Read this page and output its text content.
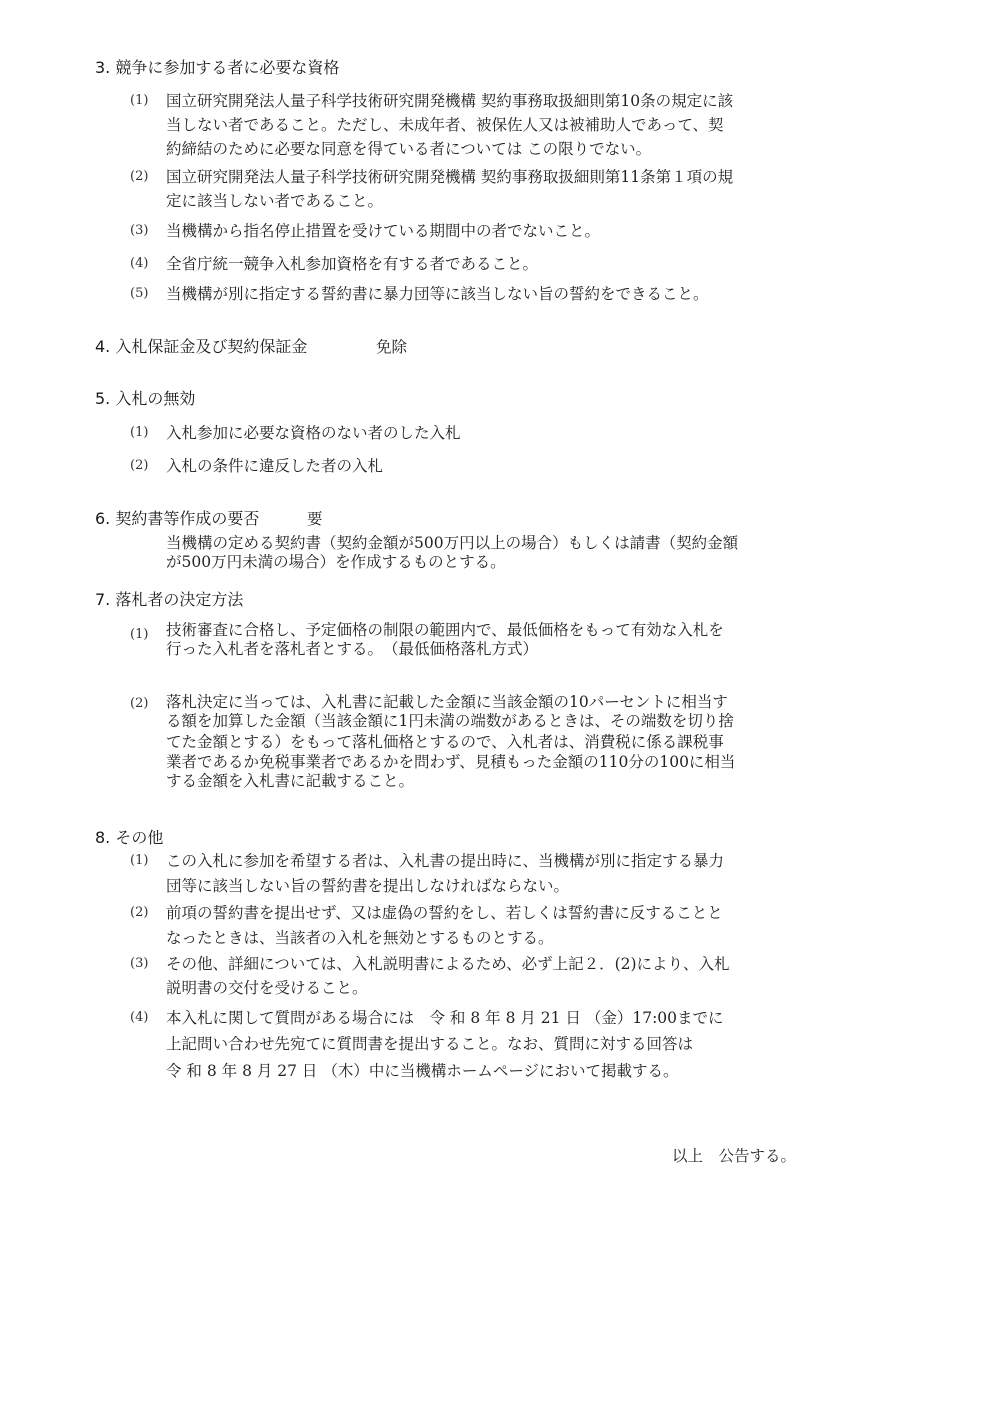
3. 競争に参加する者に必要な資格
(1) 国立研究開発法人量子科学技術研究開発機構 契約事務取扱細則第10条の規定に該
当しない者であること。ただし、未成年者、被保佐人又は被補助人であって、契
約締結のために必要な同意を得ている者については この限りでない。
(2) 国立研究開発法人量子科学技術研究開発機構 契約事務取扱細則第11条第１項の規
定に該当しない者であること。
(3) 当機構から指名停止措置を受けている期間中の者でないこと。
(4) 全省庁統一競争入札参加資格を有する者であること。
(5) 当機構が別に指定する誓約書に暴力団等に該当しない旨の誓約をできること。
4. 入札保証金及び契約保証金	免除
5. 入札の無効
(1) 入札参加に必要な資格のない者のした入札
(2) 入札の条件に違反した者の入札
6. 契約書等作成の要否	要
当機構の定める契約書（契約金額が500万円以上の場合）もしくは請書（契約金額
が500万円未満の場合）を作成するものとする。
7. 落札者の決定方法
(1) 技術審査に合格し、予定価格の制限の範囲内で、最低価格をもって有効な入札を
行った入札者を落札者とする。　（最低価格落札方式）
(2) 落札決定に当っては、入札書に記載した金額に当該金額の10パーセントに相当す
る額を加算した金額（当該金額に1円未満の端数があるときは、その端数を切り捨
てた金額とする）をもって落札価格とするので、入札者は、消費税に係る課税事
業者であるか免税事業者であるかを問わず、見積もった金額の110分の100に相当
する金額を入札書に記載すること。
8. その他
(1) この入札に参加を希望する者は、入札書の提出時に、当機構が別に指定する暴力
団等に該当しない旨の誓約書を提出しなければならない。
(2) 前項の誓約書を提出せず、又は虚偽の誓約をし、若しくは誓約書に反することと
なったときは、当該者の入札を無効とするものとする。
(3) その他、詳細については、入札説明書によるため、必ず上記２．(2)により、入札
説明書の交付を受けること。
(4) 本入札に関して質問がある場合には　令 和 8 年 8 月 21 日 （金）17:00までに
上記問い合わせ先宛てに質問書を提出すること。なお、質問に対する回答は
令 和 8 年 8 月 27 日 （木）中に当機構ホームページにおいて掲載する。
以上　公告する。
